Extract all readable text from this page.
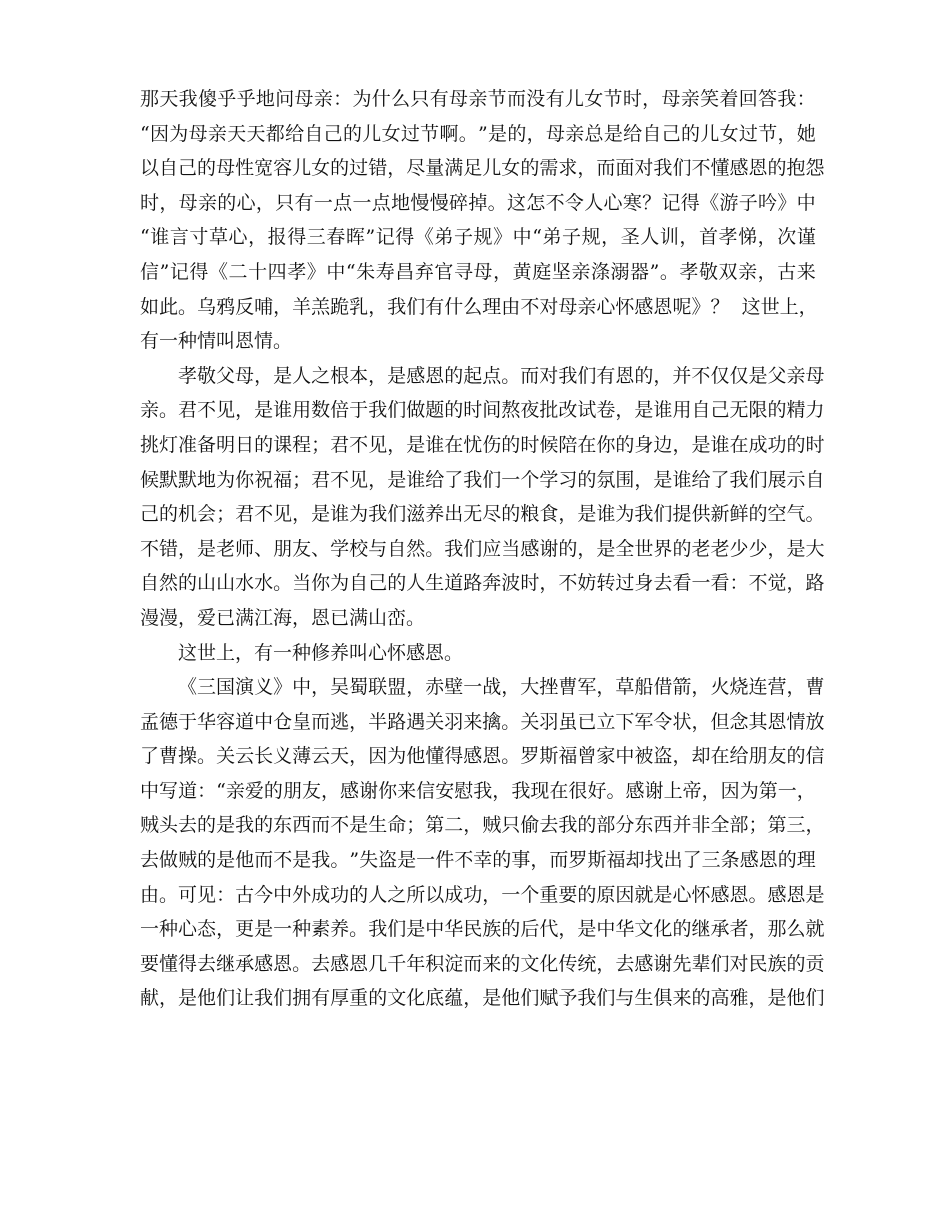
那 天 我 傻 乎 乎 地 问 母 亲 ： 为 什 么 只 有 母 亲 节 而 没 有 儿 女 节 时 ， 母 亲 笑 着 回 答 我 ：
“ 因 为 母 亲 天 天 都 给 自 己 的 儿 女 过 节 啊 。 ” 是 的 ， 母 亲 总 是 给 自 己 的 儿 女 过 节 ， 她
以 自 己 的 母 性 宽 容 儿 女 的 过 错 ， 尽 量 满 足 儿 女 的 需 求 ， 而 面 对 我 们 不 懂 感 恩 的 抱 怨
时 ， 母 亲 的 心 ， 只 有 一 点 一 点 地 慢 慢 碎 掉 。 这 怎 不 令 人 心 寒 ？ 记 得 《 游 子 吟 》 中
“ 谁 言 寸 草 心 ， 报 得 三 春 晖 ” 记 得 《 弟 子 规 》 中 “ 弟 子 规 ， 圣 人 训 ， 首 孝 悌 ， 次 谨
信 ” 记 得 《 二 十 四 孝 》 中 “ 朱 寿 昌 弃 官 寻 母 ， 黄 庭 坚 亲 涤 溺 器 ” 。 孝 敬 双 亲 ， 古 来
如 此 。 乌 鸦 反 哺 ， 羊 羔 跪 乳 ， 我 们 有 什 么 理 由 不 对 母 亲 心 怀 感 恩 呢 》 ？

这 世 上 ，
有一种情叫恩情。
孝 敬 父 母 ， 是 人 之 根 本 ， 是 感 恩 的 起 点 。 而 对 我 们 有 恩 的 ， 并 不 仅 仅 是 父 亲 母
亲 。 君 不 见 ， 是 谁 用 数 倍 于 我 们 做 题 的 时 间 熬 夜 批 改 试 卷 ， 是 谁 用 自 己 无 限 的 精 力
挑 灯 准 备 明 日 的 课 程 ； 君 不 见 ， 是 谁 在 忧 伤 的 时 候 陪 在 你 的 身 边 ， 是 谁 在 成 功 的 时
候 默 默 地 为 你 祝 福 ； 君 不 见 ， 是 谁 给 了 我 们 一 个 学 习 的 氛 围 ， 是 谁 给 了 我 们 展 示 自
己 的 机 会 ； 君 不 见 ， 是 谁 为 我 们 滋 养 出 无 尽 的 粮 食 ， 是 谁 为 我 们 提 供 新 鲜 的 空 气 。
不 错 ， 是 老 师 、 朋 友 、 学 校 与 自 然 。 我 们 应 当 感 谢 的 ， 是 全 世 界 的 老 老 少 少 ， 是 大
自 然 的 山 山 水 水 。 当 你 为 自 己 的 人 生 道 路 奔 波 时 ， 不 妨 转 过 身 去 看 一 看 ： 不 觉 ， 路
漫漫，爱已满江海，恩已满山峦。
这世上，有一种修养叫心怀感恩。
《 三 国 演 义 》 中 ， 吴 蜀 联 盟 ， 赤 壁 一 战 ， 大 挫 曹 军 ， 草 船 借 箭 ， 火 烧 连 营 ， 曹
孟 德 于 华 容 道 中 仓 皇 而 逃 ， 半 路 遇 关 羽 来 擒 。 关 羽 虽 已 立 下 军 令 状 ， 但 念 其 恩 情 放
了 曹 操 。 关 云 长 义 薄 云 天 ， 因 为 他 懂 得 感 恩 。 罗 斯 福 曾 家 中 被 盗 ， 却 在 给 朋 友 的 信
中 写 道 ： “ 亲 爱 的 朋 友 ， 感 谢 你 来 信 安 慰 我 ， 我 现 在 很 好 。 感 谢 上 帝 ， 因 为 第 一 ，
贼 头 去 的 是 我 的 东 西 而 不 是 生 命 ； 第 二 ， 贼 只 偷 去 我 的 部 分 东 西 并 非 全 部 ； 第 三 ，
去 做 贼 的 是 他 而 不 是 我 。 ” 失 盗 是 一 件 不 幸 的 事 ， 而 罗 斯 福 却 找 出 了 三 条 感 恩 的 理
由 。 可 见 ： 古 今 中 外 成 功 的 人 之 所 以 成 功 ， 一 个 重 要 的 原 因 就 是 心 怀 感 恩 。 感 恩 是
一 种 心 态 ， 更 是 一 种 素 养 。 我 们 是 中 华 民 族 的 后 代 ， 是 中 华 文 化 的 继 承 者 ， 那 么 就
要 懂 得 去 继 承 感 恩 。 去 感 恩 几 千 年 积 淀 而 来 的 文 化 传 统 ， 去 感 谢 先 辈 们 对 民 族 的 贡
献 ， 是 他 们 让 我 们 拥 有 厚 重 的 文 化 底 蕴 ， 是 他 们 赋 予 我 们 与 生 俱 来 的 高 雅 ， 是 他 们
